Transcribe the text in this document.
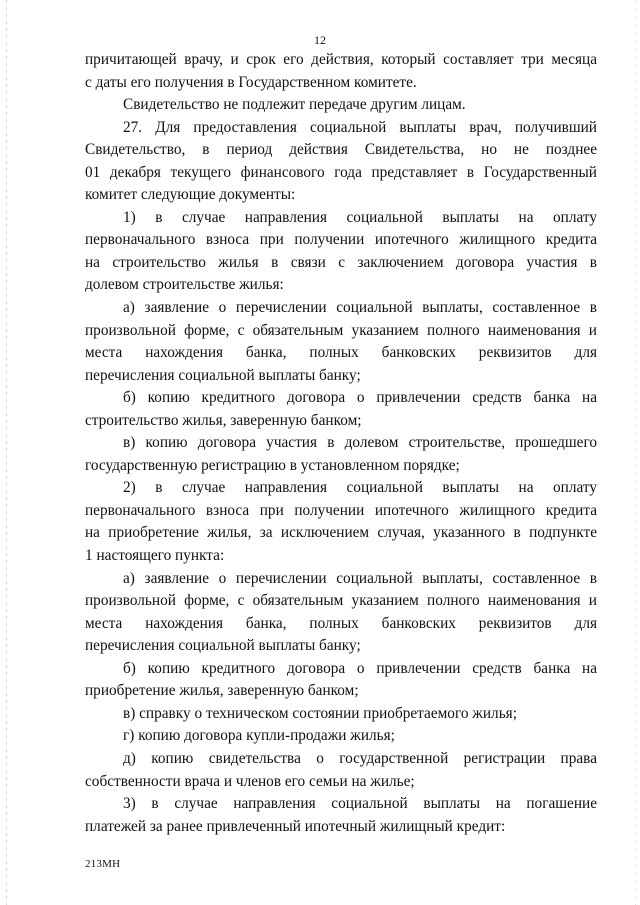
12
причитающей врачу, и срок его действия, который составляет три месяца
с даты его получения в Государственном комитете.
Свидетельство не подлежит передаче другим лицам.
27. Для предоставления социальной выплаты врач, получивший
Свидетельство, в период действия Свидетельства, но не позднее
01 декабря текущего финансового года представляет в Государственный
комитет следующие документы:
1) в случае направления социальной выплаты на оплату
первоначального взноса при получении ипотечного жилищного кредита
на строительство жилья в связи с заключением договора участия в
долевом строительстве жилья:
а) заявление о перечислении социальной выплаты, составленное в
произвольной форме, с обязательным указанием полного наименования и
места нахождения банка, полных банковских реквизитов для
перечисления социальной выплаты банку;
б) копию кредитного договора о привлечении средств банка на
строительство жилья, заверенную банком;
в) копию договора участия в долевом строительстве, прошедшего
государственную регистрацию в установленном порядке;
2) в случае направления социальной выплаты на оплату
первоначального взноса при получении ипотечного жилищного кредита
на приобретение жилья, за исключением случая, указанного в подпункте
1 настоящего пункта:
а) заявление о перечислении социальной выплаты, составленное в
произвольной форме, с обязательным указанием полного наименования и
места нахождения банка, полных банковских реквизитов для
перечисления социальной выплаты банку;
б) копию кредитного договора о привлечении средств банка на
приобретение жилья, заверенную банком;
в) справку о техническом состоянии приобретаемого жилья;
г) копию договора купли-продажи жилья;
д) копию свидетельства о государственной регистрации права
собственности врача и членов его семьи на жилье;
3) в случае направления социальной выплаты на погашение
платежей за ранее привлеченный ипотечный жилищный кредит:
213МН
